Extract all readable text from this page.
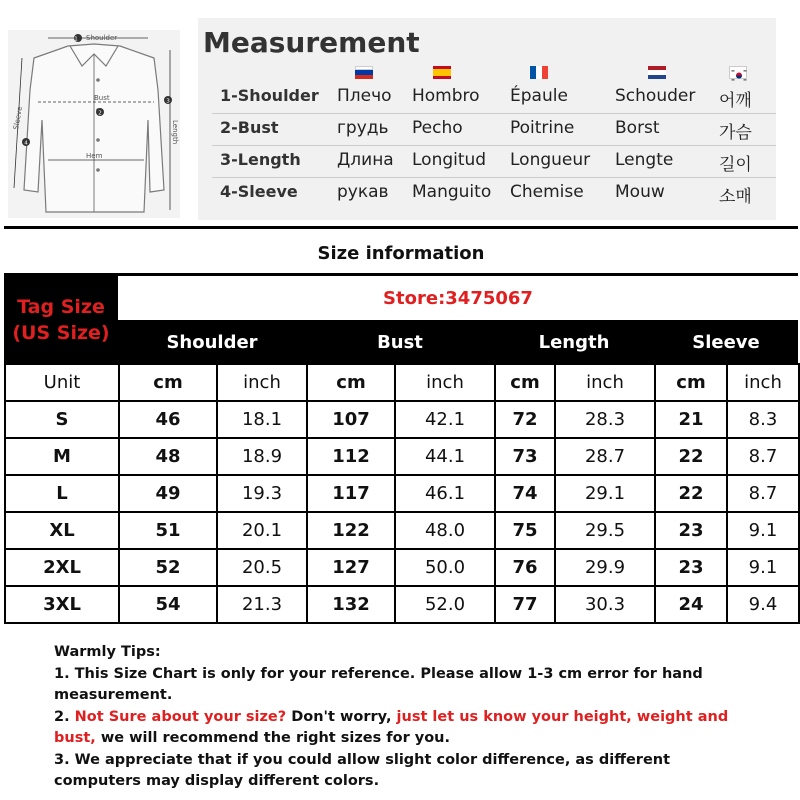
Shoulder
1
Bust
2
Hem
Length
3
Sleeve
4
Measurement
1-Shoulder Плечо Hombro Épaule	Schouder 어깨
2-Bust	грудь Pecho	Poitrine Borst	가슴
3-Length Длина Longitud Longueur Lengte	길이
4-Sleeve рукав Manguito Chemise Mouw	소매
Size information
Tag Size
(US Size)
Store:3475067
Shoulder	Bust	Length	Sleeve
Unit	cm	inch	cm	inch	cm	inch	cm	inch
S	46	18.1	107	42.1	72	28.3	21	8.3
M	48	18.9	112	44.1	73	28.7	22	8.7
L	49	19.3	117	46.1	74	29.1	22	8.7
XL	51	20.1	122	48.0	75	29.5	23	9.1
2XL	52	20.5	127	50.0	76	29.9	23	9.1
3XL	54	21.3	132	52.0	77	30.3	24	9.4
Warmly Tips:
1. This Size Chart is only for your reference. Please allow 1-3 cm error for hand measurement.
2. Not Sure about your size? Don't worry, just let us know your height, weight and bust, we will recommend the right sizes for you.
3. We appreciate that if you could allow slight color difference, as different computers may display different colors.
